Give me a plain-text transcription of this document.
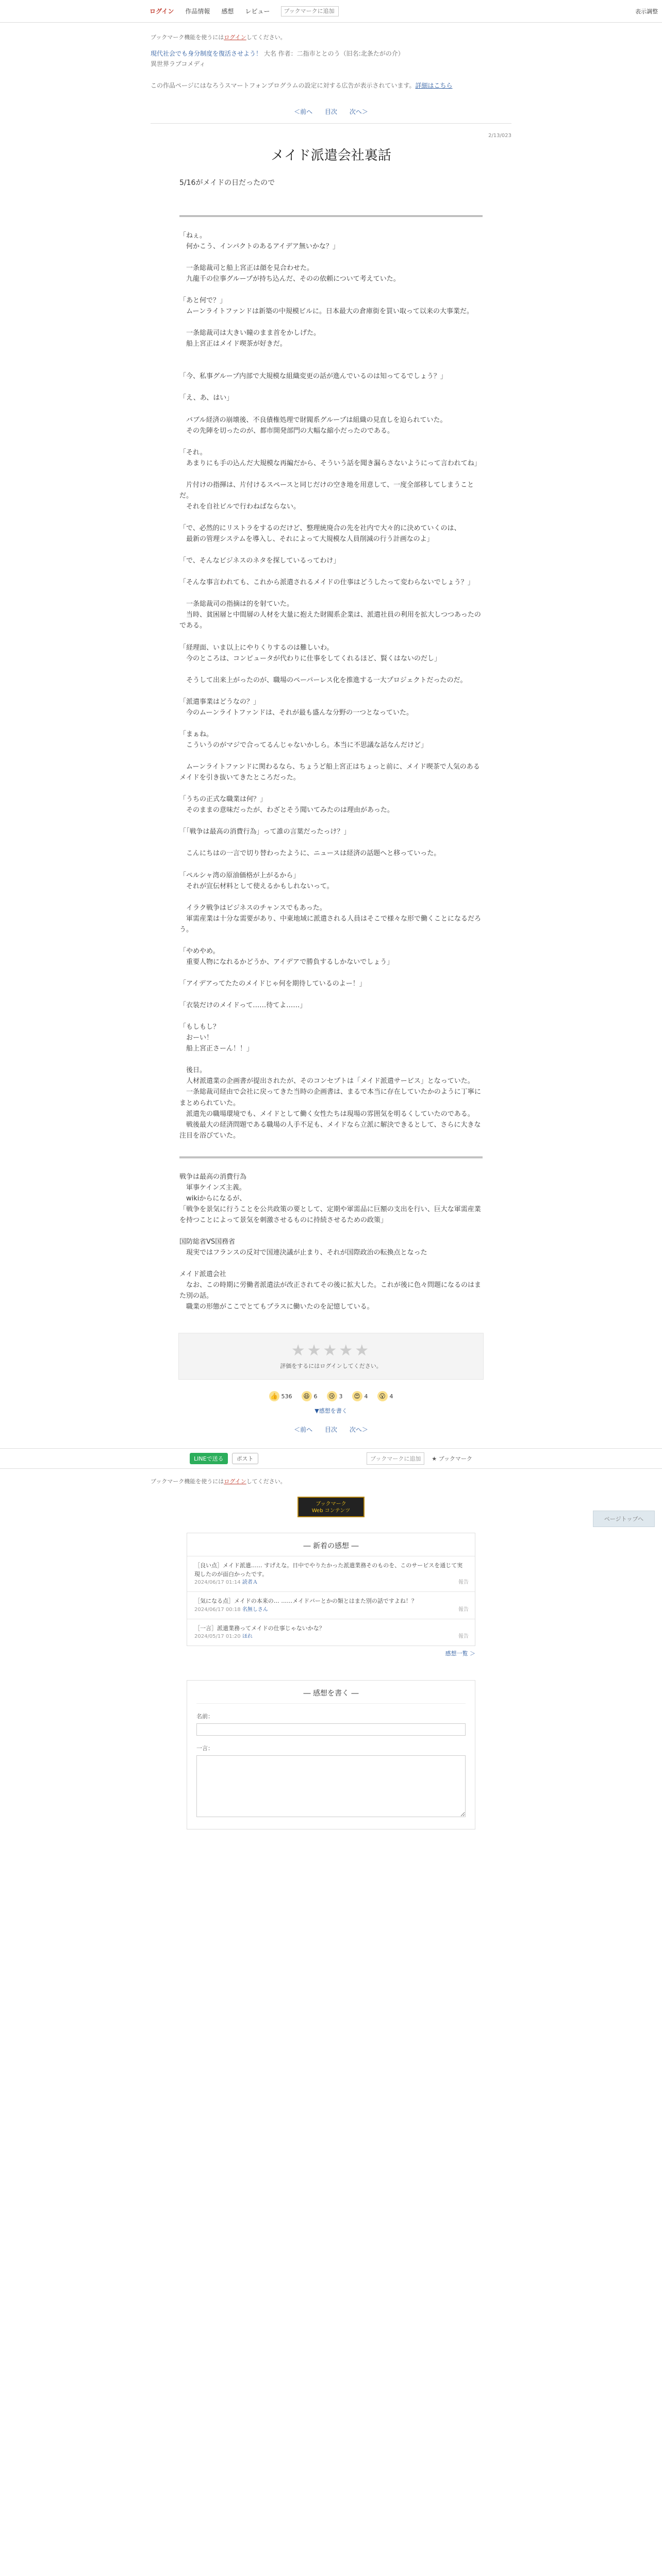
ログイン 作品情報 感想 レビュー
ブックマークに追加	表示調整
ブックマーク機能を使うにはログインしてください。
現代社会でも身分制度を復活させよう！ 大名 作者：二指市ととのう（旧名:北条たがの介）
異世界ラブコメディ
この作品ページにはなろうスマートフォンプログラムの設定に対する広告が表示されています。詳細はこちら
＜前へ 目次 次へ＞
2/13/023
メイド派遣会社裏話
5/16がメイドの日だったので
「ねぇ。
　何かこう、インパクトのあるアイデア無いかな？」

　一条総裁司と船上宮正は顔を見合わせた。
　九龍千の位事グループが持ち込んだ、そのの依頼について考えていた。

「あと何で？」
　ムーンライトファンドは新築の中規模ビルに。日本最大の倉庫街を買い取って以来の大事業だ。

　一条総裁司は大きい瞳のまま首をかしげた。
　船上宮正はメイド喫茶が好きだ。

「今、私事グループ内部で大規模な組織変更の話が進んでいるのは知ってるでしょう？」

「え、あ、はい」

　バブル経済の崩壊後、不良債権処理で財閥系グループは組織の見直しを迫られていた。
　その先陣を切ったのが、都市開発部門の大幅な縮小だったのである。

「それ。
　あまりにも手の込んだ大規模な再編だから、そういう話を聞き漏らさないようにって言われてね」

　片付けの指揮は、片付けるスペースと同じだけの空き地を用意して、一度全部移してしまうことだ。
　それを自社ビルで行わねばならない。

「で、必然的にリストラをするのだけど、整理統廃合の先を社内で大々的に決めていくのは、
　最新の管理システムを導入し、それによって大規模な人員削減の行う計画なのよ」

「で、そんなビジネスのネタを探しているってわけ」

「そんな事言われても、これから派遣されるメイドの仕事はどうしたって変わらないでしょう？」

　一条総裁司の指摘は的を射ていた。
　当時、貧困層と中間層の人材を大量に抱えた財閥系企業は、派遣社員の利用を拡大しつつあったのである。

「経理面、いま以上にやりくりするのは難しいわ。
　今のところは、コンピュータが代わりに仕事をしてくれるほど、賢くはないのだし」

　そうして出来上がったのが、職場のペーパーレス化を推進する一大プロジェクトだったのだ。

「派遣事業はどうなの？」
　今のムーンライトファンドは、それが最も盛んな分野の一つとなっていた。

「まぁね。
　こういうのがマジで合ってるんじゃないかしら。本当に不思議な話なんだけど」

　ムーンライトファンドに関わるなら、ちょうど船上宮正はちょっと前に、メイド喫茶で人気のあるメイドを引き抜いてきたところだった。

「うちの正式な職業は何？」
　そのままの意味だったが、わざとそう聞いてみたのは理由があった。

「「戦争は最高の消費行為」って誰の言葉だったっけ？」

　こんにちはの一言で切り替わったように、ニュースは経済の話題へと移っていった。

「ペルシャ湾の原油価格が上がるから」
　それが宣伝材料として使えるかもしれないって。

　イラク戦争はビジネスのチャンスでもあった。
　軍需産業は十分な需要があり、中東地域に派遣される人員はそこで様々な形で働くことになるだろう。

「やめやめ。
　重要人物になれるかどうか、アイデアで勝負するしかないでしょう」

「アイデアってたたのメイドじゃ何を期待しているのよー！」

「衣装だけのメイドって……待てよ……」

「もしもし？
　おーい！
　船上宮正さーん！！」

　後日。
　人材派遣業の企画書が提出されたが、そのコンセプトは「メイド派遣サービス」となっていた。
　一条総裁司経由で会社に戻ってきた当時の企画書は、まるで本当に存在していたかのように丁寧にまとめられていた。
　派遣先の職場環境でも、メイドとして働く女性たちは現場の雰囲気を明るくしていたのである。
　戦後最大の経済問題である職場の人手不足も、メイドなら立派に解決できるとして、さらに大きな注目を浴びていた。
戦争は最高の消費行為
　軍事ケインズ主義。
　wikiからになるが、
「戦争を景気に行うことを公共政策の要として、定期や軍需品に巨額の支出を行い、巨大な軍需産業を持つことによって景気を刺激させるものに持続させるための政策」

国防総省VS国務省
　現実ではフランスの反対で国連決議が止まり、それが国際政治の転換点となった

メイド派遣会社
　なお、この時期に労働者派遣法が改正されてその後に拡大した。これが後に色々問題になるのはまた別の話。
　職業の形態がここでとてもプラスに働いたのを記憶している。
★★★★★
評価をするにはログインしてください。
👍 536	😆 6	😢 3	😍 4	😮 4
▼感想を書く
＜前へ 目次 次へ＞
LINEで送る	ポスト	ブックマークに追加	★ ブックマーク
ブックマーク機能を使うにはログインしてください。
ブックマーク
Web コンテンツ
― 新着の感想 ―
［良い点］メイド派遣…… すげえな。日中でやりたかった派遣業務そのものを、このサービスを通じて実現したのが面白かったです。
2024/06/17 01:14 読者Ａ	報告
［気になる点］メイドの本来の… ……メイドバーとかの類とはまた別の話ですよね！？
2024/06/17 00:18 名無しさん	報告
［一言］派遣業務ってメイドの仕事じゃないかな？
2024/05/17 01:20 ほれ	報告
感想一覧 ＞
― 感想を書く ―
名前：
一言：
ページトップへ
